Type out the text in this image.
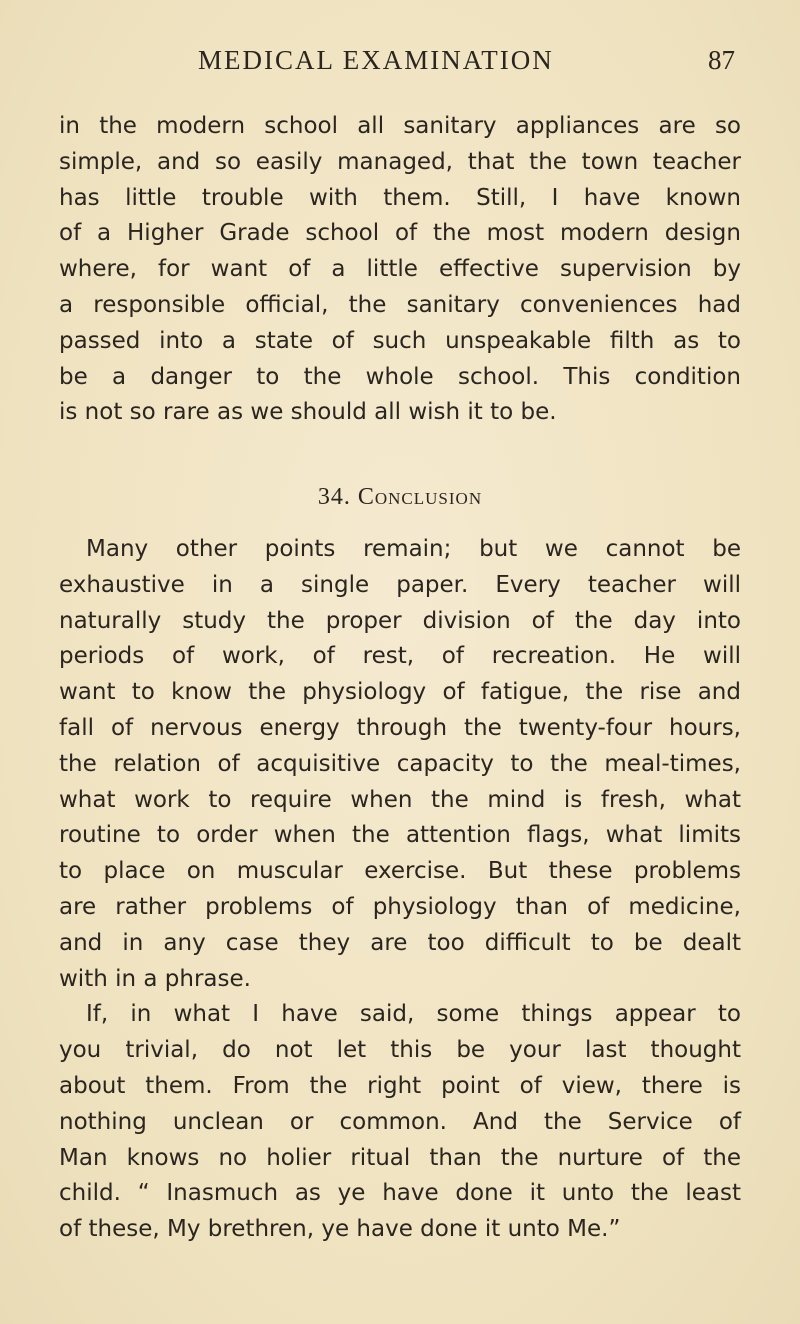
MEDICAL EXAMINATION	87
in the modern school all sanitary appliances are so
simple, and so easily managed, that the town teacher
has little trouble with them. Still, I have known
of a Higher Grade school of the most modern design
where, for want of a little effective supervision by
a responsible official, the sanitary conveniences had
passed into a state of such unspeakable filth as to
be a danger to the whole school. This condition
is not so rare as we should all wish it to be.
34. Conclusion
Many other points remain; but we cannot be
exhaustive in a single paper. Every teacher will
naturally study the proper division of the day into
periods of work, of rest, of recreation. He will
want to know the physiology of fatigue, the rise and
fall of nervous energy through the twenty-four hours,
the relation of acquisitive capacity to the meal-times,
what work to require when the mind is fresh, what
routine to order when the attention flags, what limits
to place on muscular exercise. But these problems
are rather problems of physiology than of medicine,
and in any case they are too difficult to be dealt
with in a phrase.
If, in what I have said, some things appear to
you trivial, do not let this be your last thought
about them. From the right point of view, there is
nothing unclean or common. And the Service of
Man knows no holier ritual than the nurture of the
child. “ Inasmuch as ye have done it unto the least
of these, My brethren, ye have done it unto Me.”
